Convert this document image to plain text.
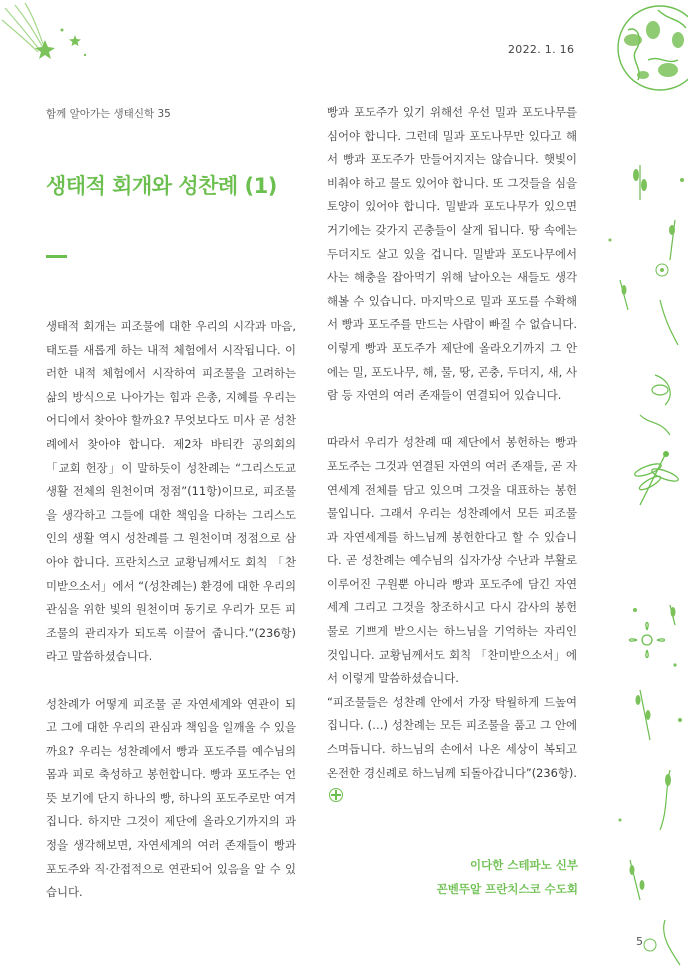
2022. 1. 16
함께 알아가는 생태신학 35
생태적 회개와 성찬례 (1)

생태적 회개는 피조물에 대한 우리의 시각과 마음, 태도를 새롭게 하는 내적 체험에서 시작됩니다. 이러한 내적 체험에서 시작하여 피조물을 고려하는 삶의 방식으로 나아가는 힘과 은총, 지혜를 우리는 어디에서 찾아야 할까요? 무엇보다도 미사 곧 성찬례에서 찾아야 합니다. 제2차 바티칸 공의회의 「교회 헌장」이 말하듯이 성찬례는 “그리스도교 생활 전체의 원천이며 정점”(11항)이므로, 피조물을 생각하고 그들에 대한 책임을 다하는 그리스도인의 생활 역시 성찬례를 그 원천이며 정점으로 삼아야 합니다. 프란치스코 교황님께서도 회칙 「찬미받으소서」에서 “(성찬례는) 환경에 대한 우리의 관심을 위한 빛의 원천이며 동기로 우리가 모든 피조물의 관리자가 되도록 이끌어 줍니다.”(236항)라고 말씀하셨습니다.

성찬례가 어떻게 피조물 곧 자연세계와 연관이 되고 그에 대한 우리의 관심과 책임을 일깨울 수 있을까요? 우리는 성찬례에서 빵과 포도주를 예수님의 몸과 피로 축성하고 봉헌합니다. 빵과 포도주는 언뜻 보기에 단지 하나의 빵, 하나의 포도주로만 여겨집니다. 하지만 그것이 제단에 올라오기까지의 과정을 생각해보면, 자연세계의 여러 존재들이 빵과 포도주와 직·간접적으로 연관되어 있음을 알 수 있습니다.

빵과 포도주가 있기 위해선 우선 밀과 포도나무를 심어야 합니다. 그런데 밀과 포도나무만 있다고 해서 빵과 포도주가 만들어지지는 않습니다. 햇빛이 비춰야 하고 물도 있어야 합니다. 또 그것들을 심을 토양이 있어야 합니다. 밀밭과 포도나무가 있으면 거기에는 갖가지 곤충들이 살게 됩니다. 땅 속에는 두더지도 살고 있을 겁니다. 밀밭과 포도나무에서 사는 해충을 잡아먹기 위해 날아오는 새들도 생각해볼 수 있습니다. 마지막으로 밀과 포도를 수확해서 빵과 포도주를 만드는 사람이 빠질 수 없습니다. 이렇게 빵과 포도주가 제단에 올라오기까지 그 안에는 밀, 포도나무, 해, 물, 땅, 곤충, 두더지, 새, 사람 등 자연의 여러 존재들이 연결되어 있습니다.

따라서 우리가 성찬례 때 제단에서 봉헌하는 빵과 포도주는 그것과 연결된 자연의 여러 존재들, 곧 자연세계 전체를 담고 있으며 그것을 대표하는 봉헌물입니다. 그래서 우리는 성찬례에서 모든 피조물과 자연세계를 하느님께 봉헌한다고 할 수 있습니다. 곧 성찬례는 예수님의 십자가상 수난과 부활로 이루어진 구원뿐 아니라 빵과 포도주에 담긴 자연세계 그리고 그것을 창조하시고 다시 감사의 봉헌물로 기쁘게 받으시는 하느님을 기억하는 자리인 것입니다. 교황님께서도 회칙 「찬미받으소서」에서 이렇게 말씀하셨습니다.

“피조물들은 성찬례 안에서 가장 탁월하게 드높여집니다. (…) 성찬례는 모든 피조물을 품고 그 안에 스며듭니다. 하느님의 손에서 나온 세상이 복되고 온전한 경신례로 하느님께 되돌아갑니다”(236항).

이다한 스테파노 신부
꼰벤뚜알 프란치스코 수도회
5
